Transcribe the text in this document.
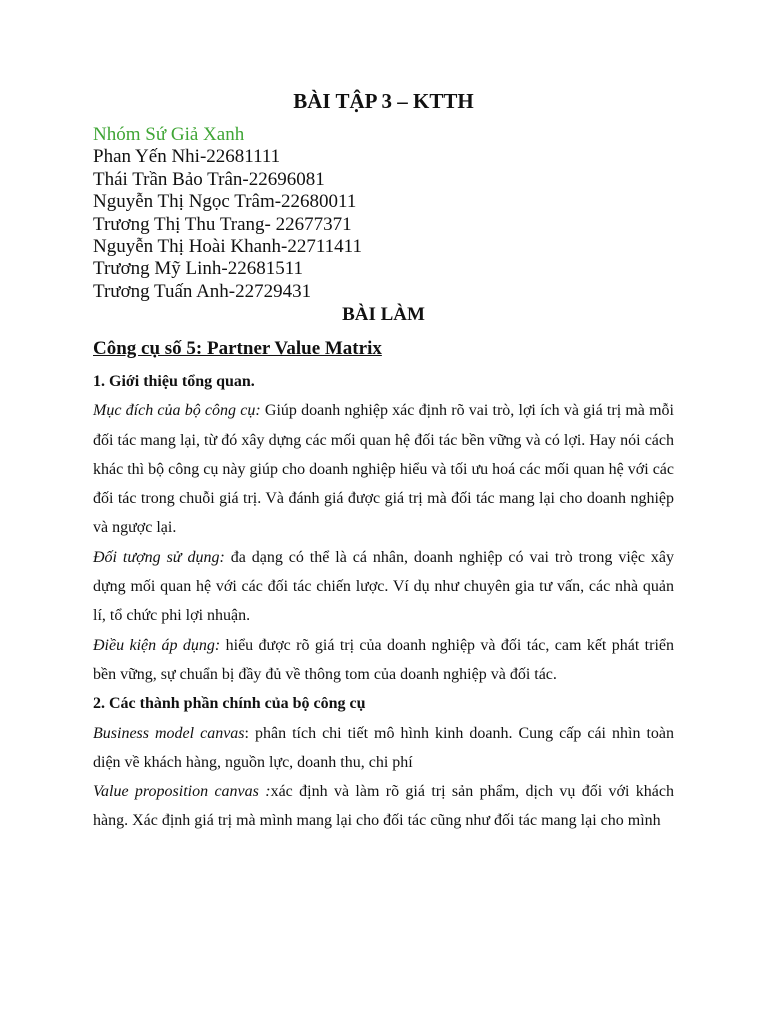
BÀI TẬP 3 – KTTH
Nhóm Sứ Giả Xanh
Phan Yến Nhi-22681111
Thái Trần Bảo Trân-22696081
Nguyễn Thị Ngọc Trâm-22680011
Trương Thị Thu Trang- 22677371
Nguyễn Thị Hoài Khanh-22711411
Trương Mỹ Linh-22681511
Trương Tuấn Anh-22729431
BÀI LÀM
Công cụ số 5: Partner Value Matrix

1. Giới thiệu tổng quan.

Mục đích của bộ công cụ: Giúp doanh nghiệp xác định rõ vai trò, lợi ích và giá trị mà mỗi đối tác mang lại, từ đó xây dựng các mối quan hệ đối tác bền vững và có lợi. Hay nói cách khác thì bộ công cụ này giúp cho doanh nghiệp hiểu và tối ưu hoá các mối quan hệ với các đối tác trong chuỗi giá trị. Và đánh giá được giá trị mà đối tác mang lại cho doanh nghiệp và ngược lại.

Đối tượng sử dụng: đa dạng có thể là cá nhân, doanh nghiệp có vai trò trong việc xây dựng mối quan hệ với các đối tác chiến lược. Ví dụ như chuyên gia tư vấn, các nhà quản lí, tổ chức phi lợi nhuận.

Điều kiện áp dụng: hiểu được rõ giá trị của doanh nghiệp và đối tác, cam kết phát triển bền vững, sự chuẩn bị đầy đủ về thông tom của doanh nghiệp và đối tác.

2. Các thành phần chính của bộ công cụ

Business model canvas: phân tích chi tiết mô hình kinh doanh. Cung cấp cái nhìn toàn diện về khách hàng, nguồn lực, doanh thu, chi phí

Value proposition canvas :xác định và làm rõ giá trị sản phẩm, dịch vụ đối với khách hàng. Xác định giá trị mà mình mang lại cho đối tác cũng như đối tác mang lại cho mình
